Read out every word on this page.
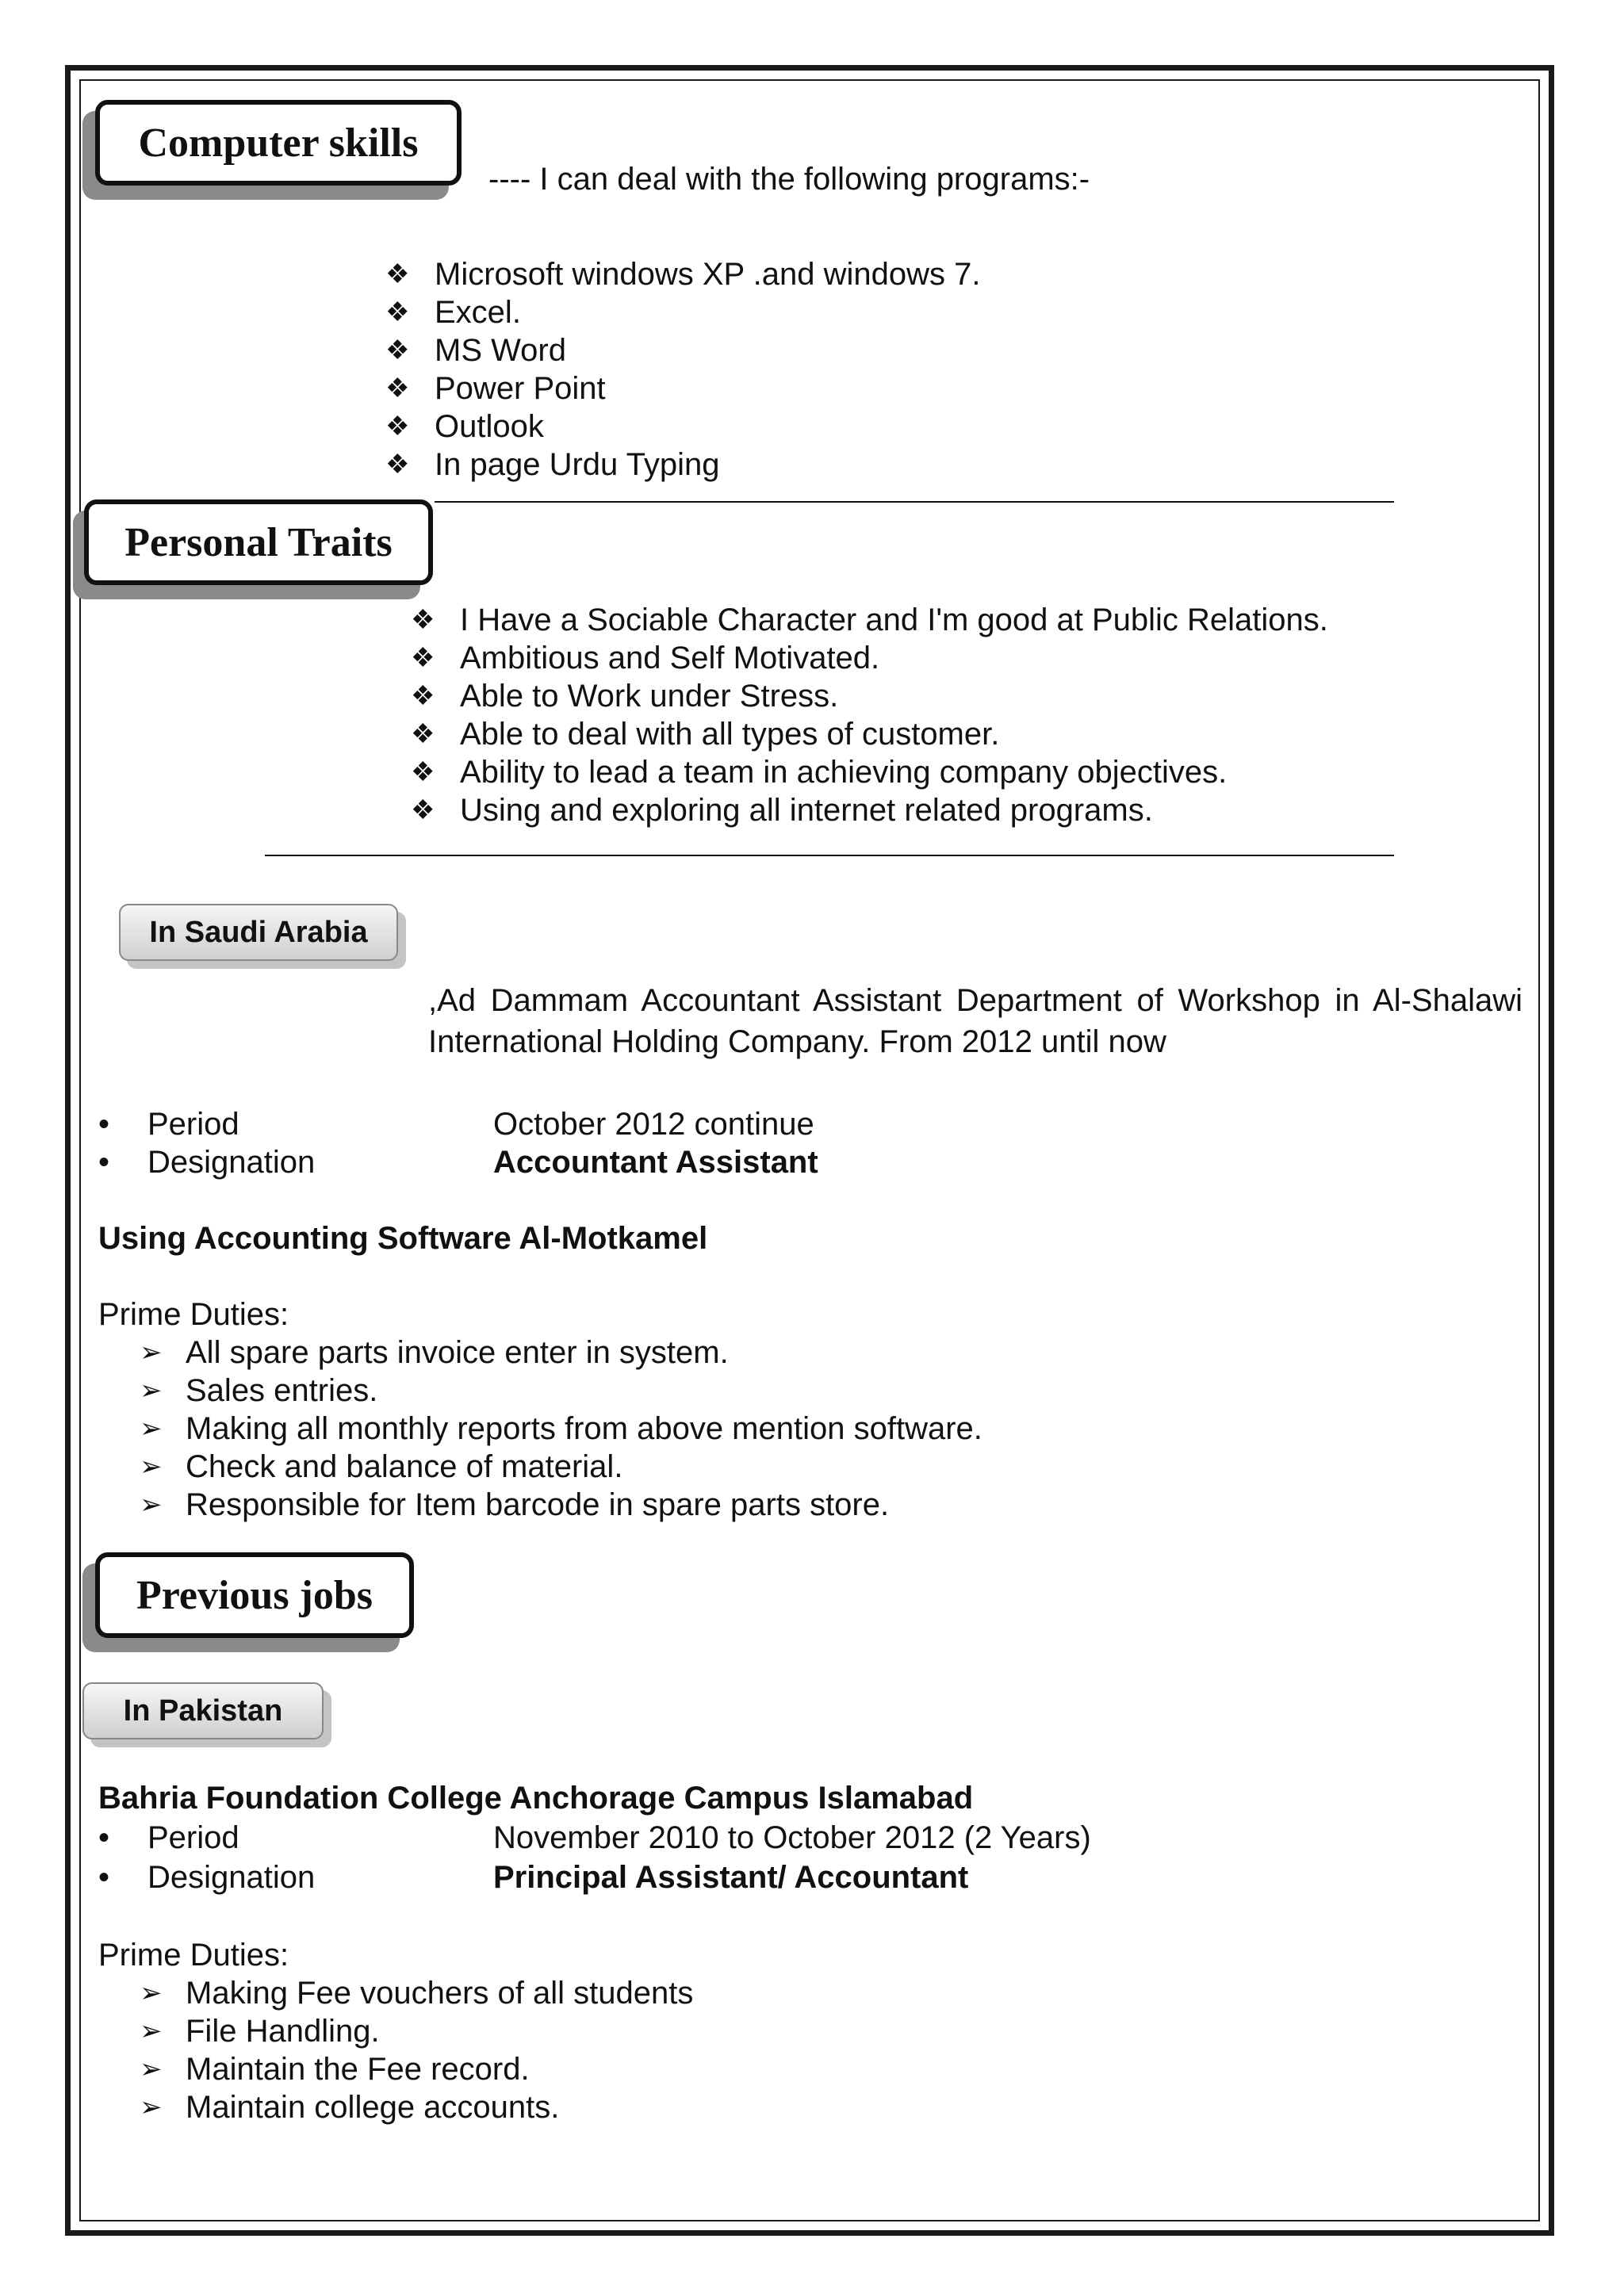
Computer skills
---- I can deal with the following programs:-
❖ Microsoft windows XP .and windows 7.
❖ Excel.
❖ MS Word
❖ Power Point
❖ Outlook
❖ In page Urdu Typing
Personal Traits
❖ I Have a Sociable Character and I'm good at Public Relations.
❖ Ambitious and Self Motivated.
❖ Able to Work under Stress.
❖ Able to deal with all types of customer.
❖ Ability to lead a team in achieving company objectives.
❖ Using and exploring all internet related programs.
In Saudi Arabia
,Ad Dammam Accountant Assistant Department of Workshop in Al-Shalawi International Holding Company. From 2012 until now
• Period	October 2012 continue
• Designation	Accountant Assistant
Using Accounting Software Al-Motkamel
Prime Duties:
➢ All spare parts invoice enter in system.
➢ Sales entries.
➢ Making all monthly reports from above mention software.
➢ Check and balance of material.
➢ Responsible for Item barcode in spare parts store.
Previous jobs
In Pakistan
Bahria Foundation College Anchorage Campus Islamabad
• Period	November 2010 to October 2012 (2 Years)
• Designation	Principal Assistant/ Accountant
Prime Duties:
➢ Making Fee vouchers of all students
➢ File Handling.
➢ Maintain the Fee record.
➢ Maintain college accounts.
